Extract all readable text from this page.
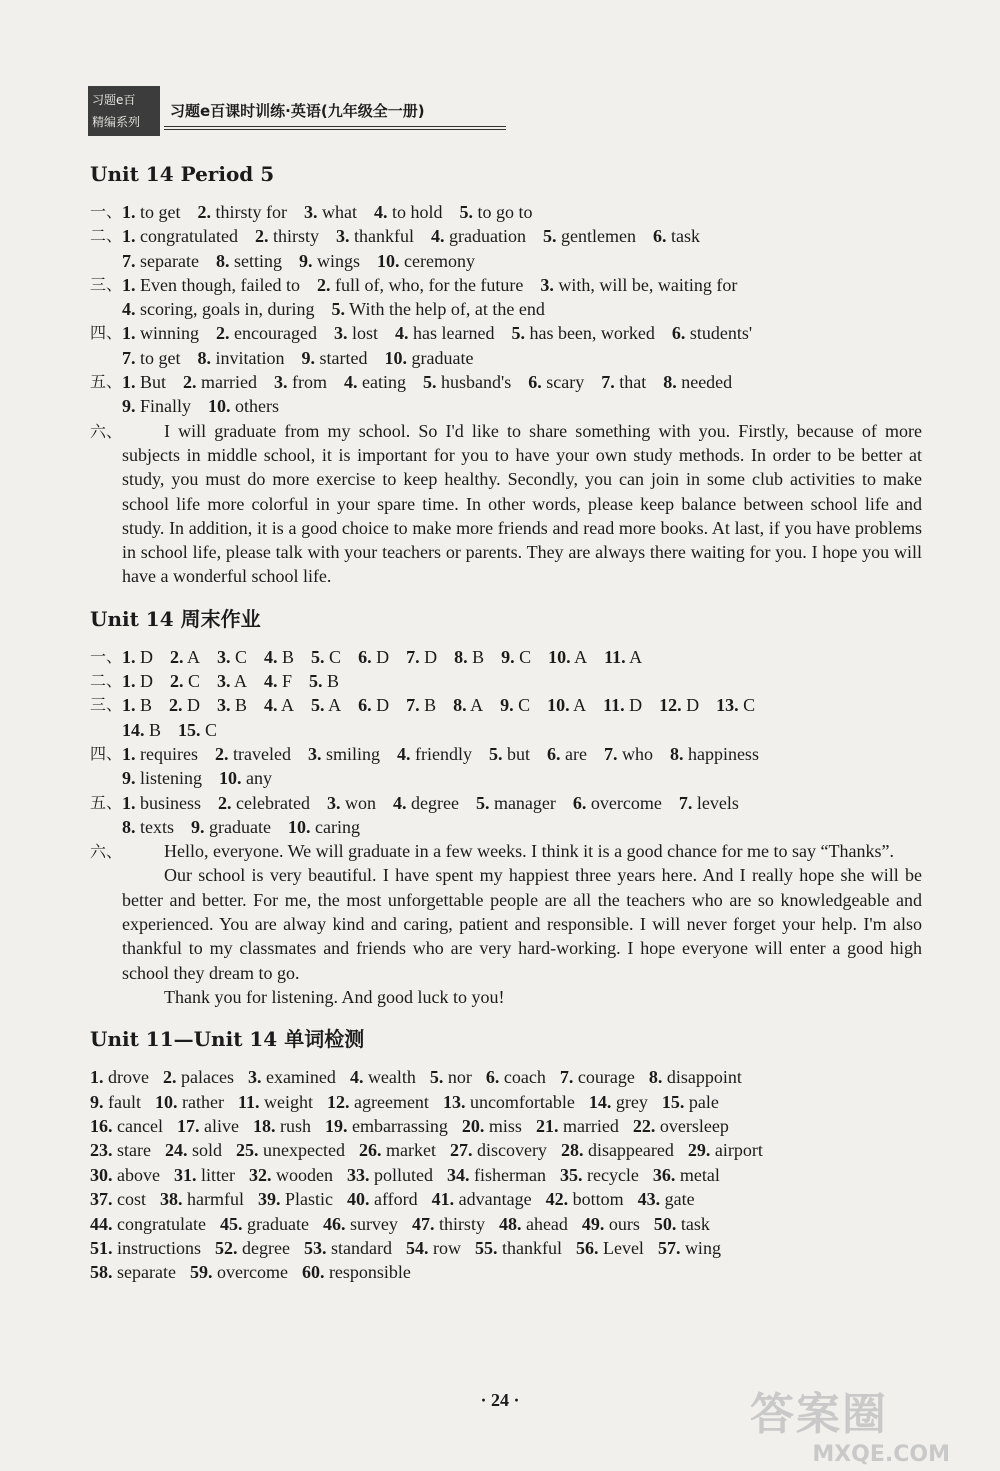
习题e百
精编系列
习题e百课时训练·英语(九年级全一册)
Unit 14 Period 5
一、 1. to get 2. thirsty for 3. what 4. to hold 5. to go to
二、 1. congratulated 2. thirsty 3. thankful 4. graduation 5. gentlemen 6. task
7. separate 8. setting 9. wings 10. ceremony
三、 1. Even though, failed to 2. full of, who, for the future 3. with, will be, waiting for
4. scoring, goals in, during 5. With the help of, at the end
四、 1. winning 2. encouraged 3. lost 4. has learned 5. has been, worked 6. students'
7. to get 8. invitation 9. started 10. graduate
五、 1. But 2. married 3. from 4. eating 5. husband's 6. scary 7. that 8. needed
9. Finally 10. others
六、	I will graduate from my school. So I'd like to share something with you. Firstly, because of more subjects in middle school, it is important for you to have your own study methods. In order to be better at study, you must do more exercise to keep healthy. Secondly, you can join in some club activities to make school life more colorful in your spare time. In other words, please keep balance between school life and study. In addition, it is a good choice to make more friends and read more books. At last, if you have problems in school life, please talk with your teachers or parents. They are always there waiting for you. I hope you will have a wonderful school life.
Unit 14 周末作业
一、 1. D 2. A 3. C 4. B 5. C 6. D 7. D 8. B 9. C 10. A 11. A
二、 1. D 2. C 3. A 4. F 5. B
三、 1. B 2. D 3. B 4. A 5. A 6. D 7. B 8. A 9. C 10. A 11. D 12. D 13. C
14. B 15. C
四、 1. requires 2. traveled 3. smiling 4. friendly 5. but 6. are 7. who 8. happiness
9. listening 10. any
五、 1. business 2. celebrated 3. won 4. degree 5. manager 6. overcome 7. levels
8. texts 9. graduate 10. caring
六、	Hello, everyone. We will graduate in a few weeks. I think it is a good chance for me to say “Thanks”.
Our school is very beautiful. I have spent my happiest three years here. And I really hope she will be better and better. For me, the most unforgettable people are all the teachers who are so knowledgeable and experienced. You are alway kind and caring, patient and responsible. I will never forget your help. I'm also thankful to my classmates and friends who are very hard-working. I hope everyone will enter a good high school they dream to go.
Thank you for listening. And good luck to you!
Unit 11—Unit 14 单词检测
1. drove 2. palaces 3. examined 4. wealth 5. nor 6. coach 7. courage 8. disappoint
9. fault 10. rather 11. weight 12. agreement 13. uncomfortable 14. grey 15. pale
16. cancel 17. alive 18. rush 19. embarrassing 20. miss 21. married 22. oversleep
23. stare 24. sold 25. unexpected 26. market 27. discovery 28. disappeared 29. airport
30. above 31. litter 32. wooden 33. polluted 34. fisherman 35. recycle 36. metal
37. cost 38. harmful 39. Plastic 40. afford 41. advantage 42. bottom 43. gate
44. congratulate 45. graduate 46. survey 47. thirsty 48. ahead 49. ours 50. task
51. instructions 52. degree 53. standard 54. row 55. thankful 56. Level 57. wing
58. separate 59. overcome 60. responsible
· 24 ·	答案圈
MXQE.COM
